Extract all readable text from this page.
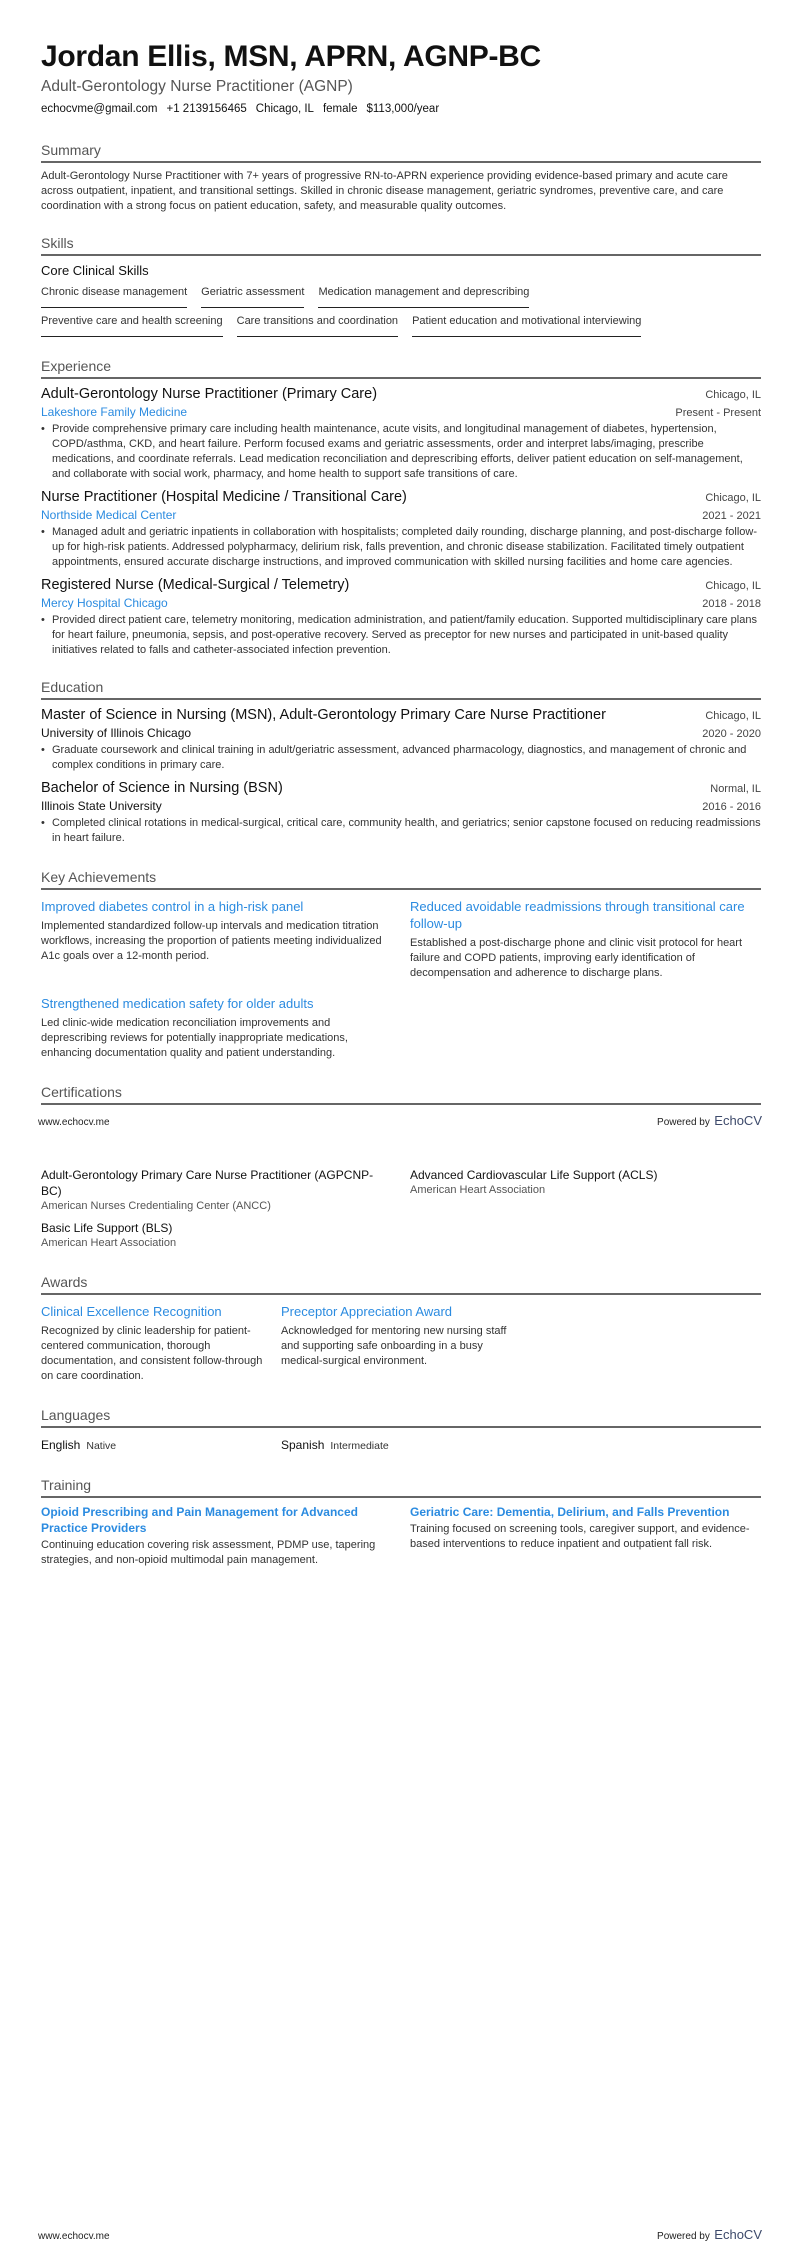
Jordan Ellis, MSN, APRN, AGNP-BC
Adult-Gerontology Nurse Practitioner (AGNP)
echocvme@gmail.com +1 2139156465 Chicago, IL female $113,000/year
Summary
Adult-Gerontology Nurse Practitioner with 7+ years of progressive RN-to-APRN experience providing evidence-based primary and acute care across outpatient, inpatient, and transitional settings. Skilled in chronic disease management, geriatric syndromes, preventive care, and care coordination with a strong focus on patient education, safety, and measurable quality outcomes.
Skills
Core Clinical Skills
Chronic disease management Geriatric assessment Medication management and deprescribing
Preventive care and health screening Care transitions and coordination Patient education and motivational interviewing
Experience
Adult-Gerontology Nurse Practitioner (Primary Care)	Chicago, IL
Lakeshore Family Medicine	Present - Present
• Provide comprehensive primary care including health maintenance, acute visits, and longitudinal management of diabetes, hypertension, COPD/asthma, CKD, and heart failure. Perform focused exams and geriatric assessments, order and interpret labs/imaging, prescribe medications, and coordinate referrals. Lead medication reconciliation and deprescribing efforts, deliver patient education on self-management, and collaborate with social work, pharmacy, and home health to support safe transitions of care.
Nurse Practitioner (Hospital Medicine / Transitional Care)	Chicago, IL
Northside Medical Center	2021 - 2021
• Managed adult and geriatric inpatients in collaboration with hospitalists; completed daily rounding, discharge planning, and post-discharge follow-up for high-risk patients. Addressed polypharmacy, delirium risk, falls prevention, and chronic disease stabilization. Facilitated timely outpatient appointments, ensured accurate discharge instructions, and improved communication with skilled nursing facilities and home care agencies.
Registered Nurse (Medical-Surgical / Telemetry)	Chicago, IL
Mercy Hospital Chicago	2018 - 2018
• Provided direct patient care, telemetry monitoring, medication administration, and patient/family education. Supported multidisciplinary care plans for heart failure, pneumonia, sepsis, and post-operative recovery. Served as preceptor for new nurses and participated in unit-based quality initiatives related to falls and catheter-associated infection prevention.
Education
Master of Science in Nursing (MSN), Adult-Gerontology Primary Care Nurse Practitioner	Chicago, IL
University of Illinois Chicago	2020 - 2020
• Graduate coursework and clinical training in adult/geriatric assessment, advanced pharmacology, diagnostics, and management of chronic and complex conditions in primary care.
Bachelor of Science in Nursing (BSN)	Normal, IL
Illinois State University	2016 - 2016
• Completed clinical rotations in medical-surgical, critical care, community health, and geriatrics; senior capstone focused on reducing readmissions in heart failure.
Key Achievements
Improved diabetes control in a high-risk panel
Implemented standardized follow-up intervals and medication titration workflows, increasing the proportion of patients meeting individualized A1c goals over a 12-month period.
Reduced avoidable readmissions through transitional care follow-up
Established a post-discharge phone and clinic visit protocol for heart failure and COPD patients, improving early identification of decompensation and adherence to discharge plans.
Strengthened medication safety for older adults
Led clinic-wide medication reconciliation improvements and deprescribing reviews for potentially inappropriate medications, enhancing documentation quality and patient understanding.
Certifications
www.echocv.me	Powered by EchoCV
Adult-Gerontology Primary Care Nurse Practitioner (AGPCNP-BC)
American Nurses Credentialing Center (ANCC)
Advanced Cardiovascular Life Support (ACLS)
American Heart Association
Basic Life Support (BLS)
American Heart Association
Awards
Clinical Excellence Recognition
Recognized by clinic leadership for patient-centered communication, thorough documentation, and consistent follow-through on care coordination.
Preceptor Appreciation Award
Acknowledged for mentoring new nursing staff and supporting safe onboarding in a busy medical-surgical environment.
Languages
English Native	Spanish Intermediate
Training
Opioid Prescribing and Pain Management for Advanced Practice Providers
Continuing education covering risk assessment, PDMP use, tapering strategies, and non-opioid multimodal pain management.
Geriatric Care: Dementia, Delirium, and Falls Prevention
Training focused on screening tools, caregiver support, and evidence-based interventions to reduce inpatient and outpatient fall risk.
www.echocv.me	Powered by EchoCV
